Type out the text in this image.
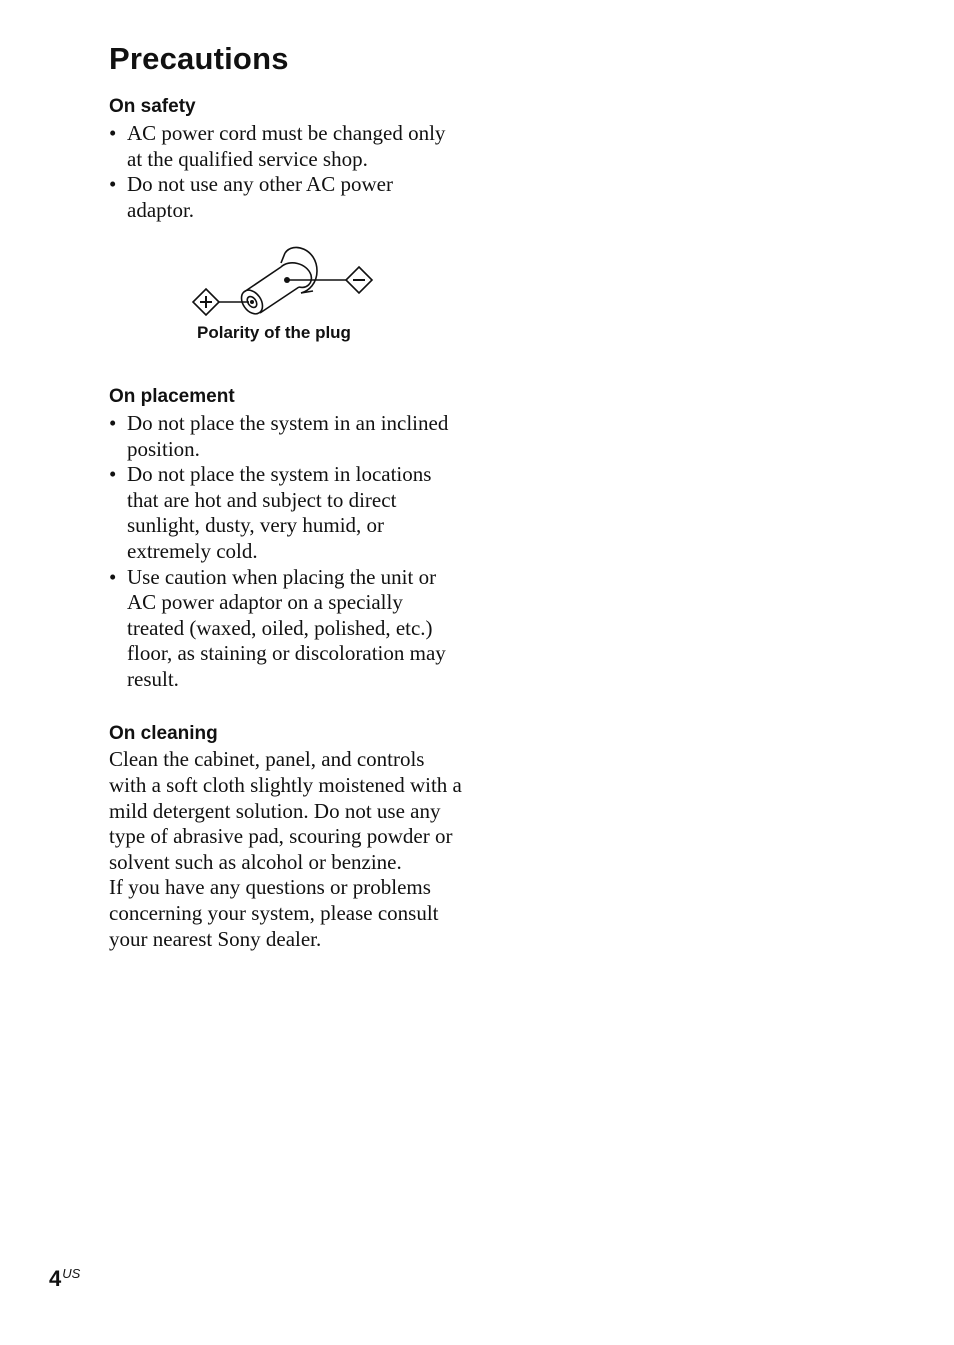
Precautions
On safety
• AC power cord must be changed only at the qualified service shop.
• Do not use any other AC power adaptor.
Polarity of the plug
On placement
• Do not place the system in an inclined position.
• Do not place the system in locations that are hot and subject to direct sunlight, dusty, very humid, or extremely cold.
• Use caution when placing the unit or AC power adaptor on a specially treated (waxed, oiled, polished, etc.) floor, as staining or discoloration may result.
On cleaning

Clean the cabinet, panel, and controls with a soft cloth slightly moistened with a mild detergent solution. Do not use any type of abrasive pad, scouring powder or solvent such as alcohol or benzine.

If you have any questions or problems concerning your system, please consult your nearest Sony dealer.

$4^{US}$
